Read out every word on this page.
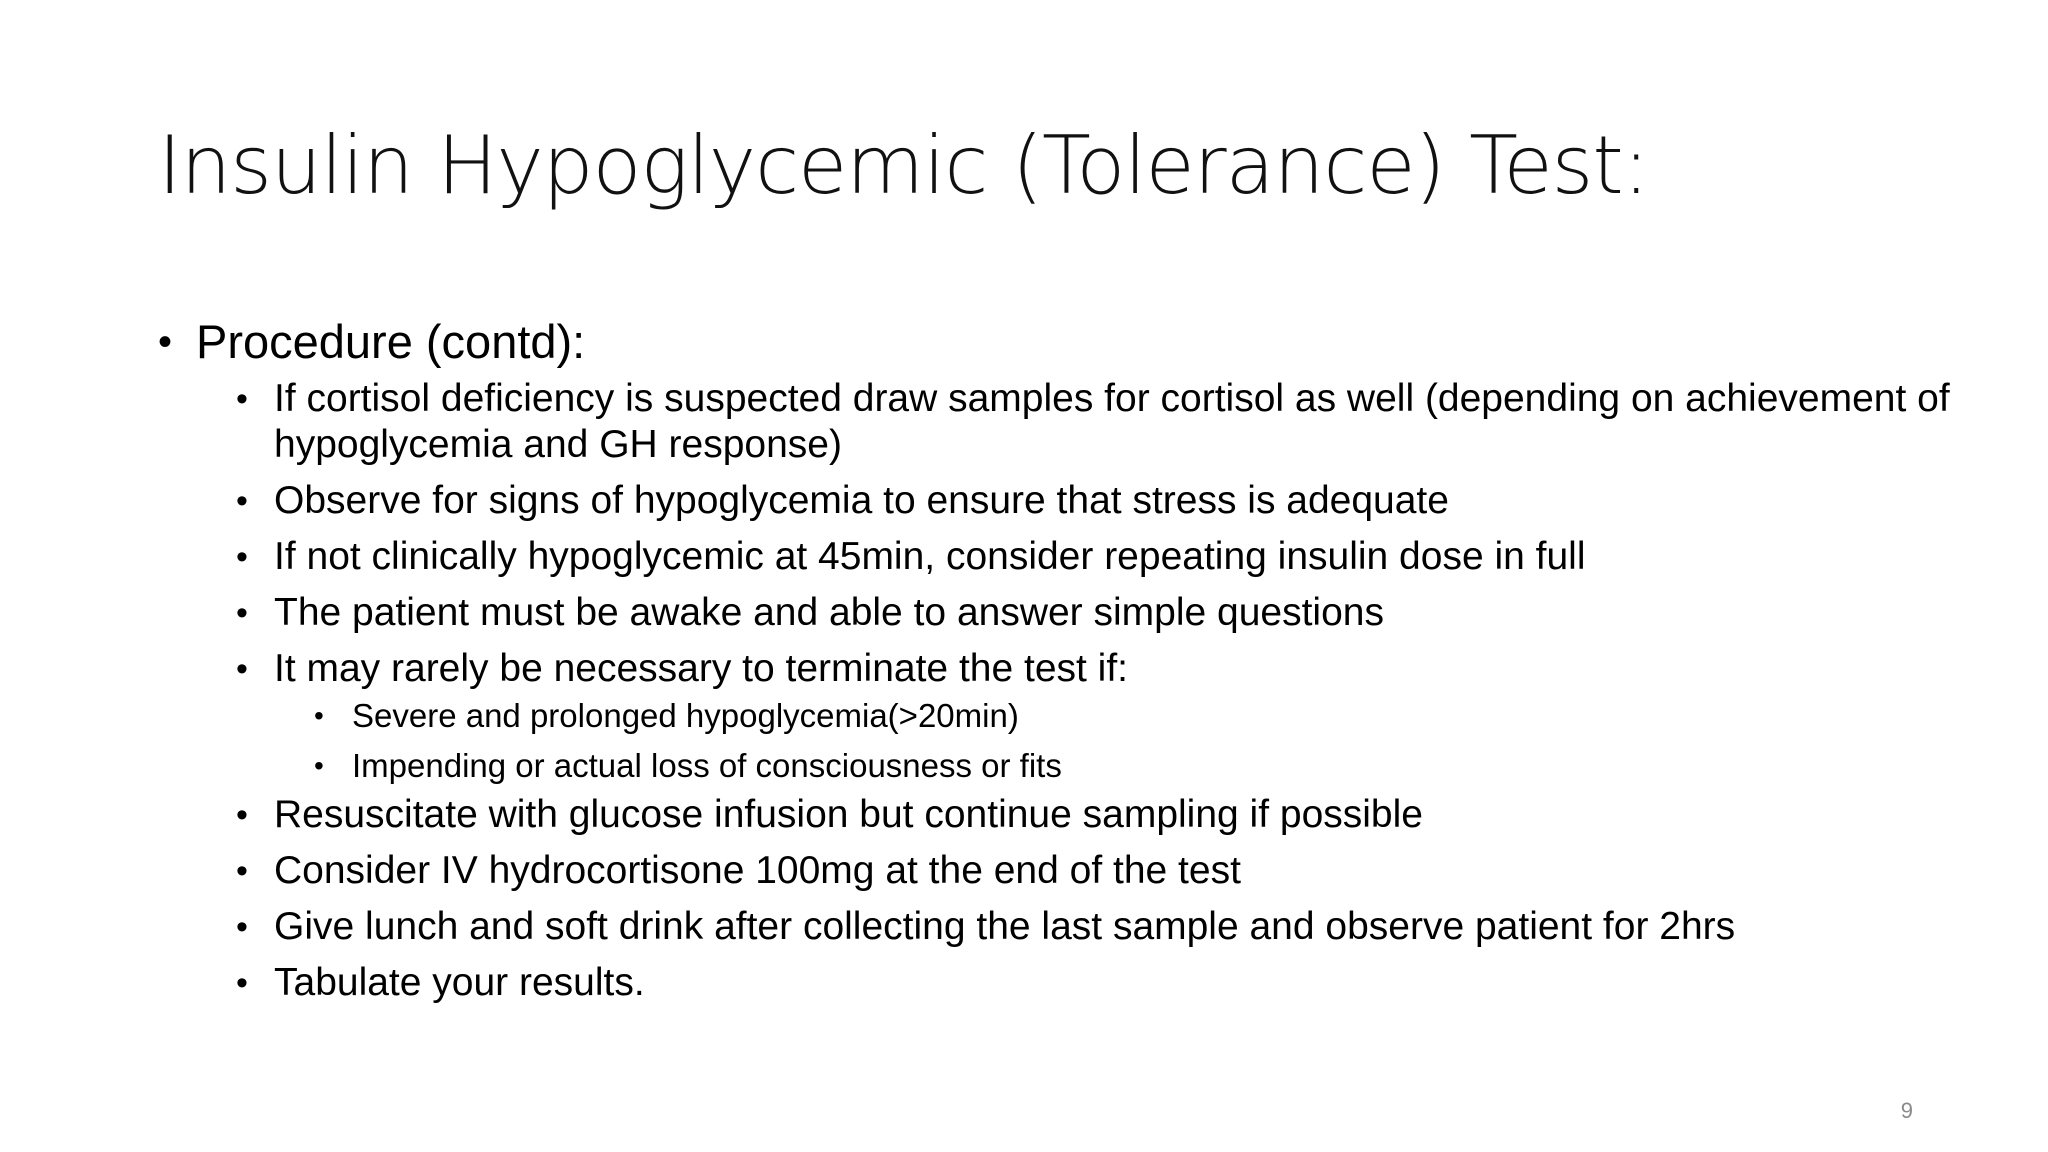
Insulin Hypoglycemic (Tolerance) Test:
• Procedure (contd):
• If cortisol deficiency is suspected draw samples for cortisol as well (depending on achievement of hypoglycemia and GH response)
• Observe for signs of hypoglycemia to ensure that stress is adequate
• If not clinically hypoglycemic at 45min, consider repeating insulin dose in full
• The patient must be awake and able to answer simple questions
• It may rarely be necessary to terminate the test if:
• Severe and prolonged hypoglycemia(>20min)
• Impending or actual loss of consciousness or fits
• Resuscitate with glucose infusion but continue sampling if possible
• Consider IV hydrocortisone 100mg at the end of the test
• Give lunch and soft drink after collecting the last sample and observe patient for 2hrs
• Tabulate your results.
9
